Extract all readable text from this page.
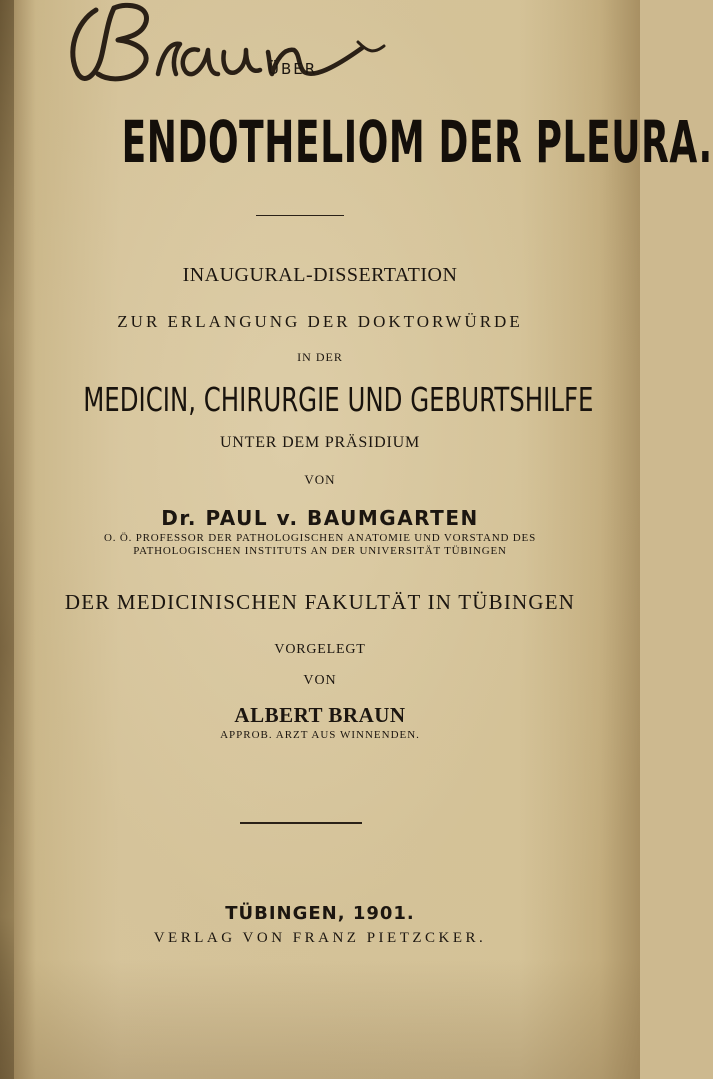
ÜBER
ENDOTHELIOM DER PLEURA.
INAUGURAL-DISSERTATION
ZUR ERLANGUNG DER DOKTORWÜRDE
IN DER
MEDICIN, CHIRURGIE UND GEBURTSHILFE
UNTER DEM PRÄSIDIUM
VON
Dr. PAUL v. BAUMGARTEN
O. Ö. PROFESSOR DER PATHOLOGISCHEN ANATOMIE UND VORSTAND DES
PATHOLOGISCHEN INSTITUTS AN DER UNIVERSITÄT TÜBINGEN
DER MEDICINISCHEN FAKULTÄT IN TÜBINGEN
VORGELEGT
VON
ALBERT BRAUN
APPROB. ARZT AUS WINNENDEN.
TÜBINGEN, 1901.
VERLAG VON FRANZ PIETZCKER.
